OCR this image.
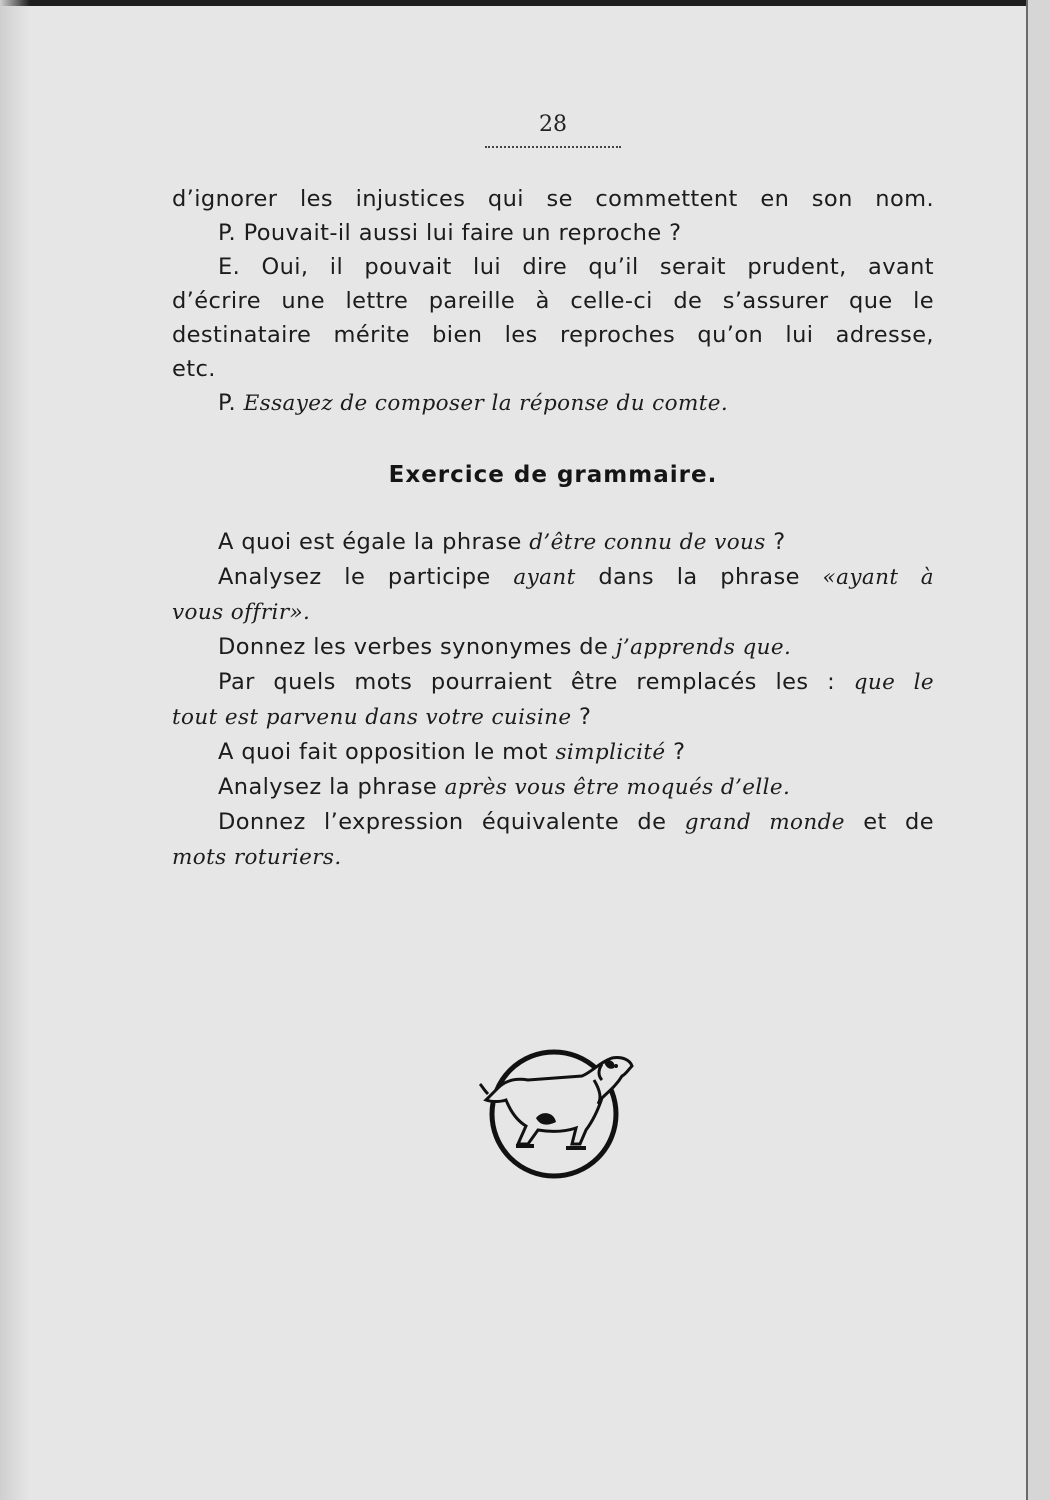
28
d’ignorer les injustices qui se commettent en son nom.
P. Pouvait-il aussi lui faire un reproche ?
E. Oui, il pouvait lui dire qu’il serait prudent, avant
d’écrire une lettre pareille à celle-ci de s’assurer que le
destinataire mérite bien les reproches qu’on lui adresse,
etc.
P. Essayez de composer la réponse du comte.
Exercice de grammaire.
A quoi est égale la phrase d’être connu de vous ?
Analysez le participe ayant dans la phrase «ayant à
vous offrir».
Donnez les verbes synonymes de j’apprends que.
Par quels mots pourraient être remplacés les : que le
tout est parvenu dans votre cuisine ?
A quoi fait opposition le mot simplicité ?
Analysez la phrase après vous être moqués d’elle.
Donnez l’expression équivalente de grand monde et de
mots roturiers.
